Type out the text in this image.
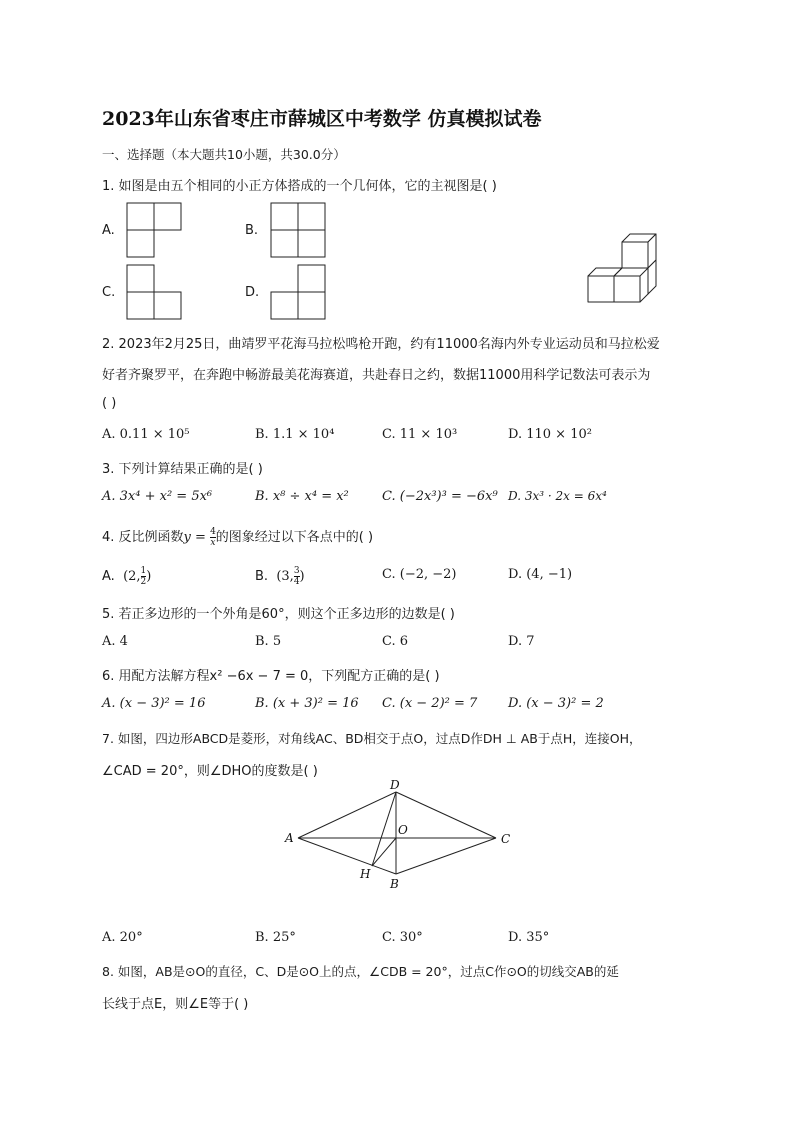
2023年山东省枣庄市薛城区中考数学 仿真模拟试卷
一、选择题（本大题共10小题，共30.0分）
1. 如图是由五个相同的小正方体搭成的一个几何体，它的主视图是( )
A.	B.
C.	D.
2. 2023年2月25日，曲靖罗平花海马拉松鸣枪开跑，约有11000名海内外专业运动员和马拉松爱
好者齐聚罗平，在奔跑中畅游最美花海赛道，共赴春日之约，数据11000用科学记数法可表示为
( )
A. 0.11 × 10⁵	B. 1.1 × 10⁴	C. 11 × 10³	D. 110 × 10²
3. 下列计算结果正确的是( )
A. 3x⁴ + x² = 5x⁶	B. x⁸ ÷ x⁴ = x²	C. (−2x³)³ = −6x⁹ D. 3x³ · 2x = 6x⁴
4. 反比例函数$y = \frac{4}{x}$ 的图象经过以下各点中的( )
A. (2, $\frac{1}{2}$ )	B. (3, $\frac{3}{4}$ )	C. (−2, −2)	D. (4, −1)
5. 若正多边形的一个外角是60°，则这个正多边形的边数是( )
A. 4	B. 5	C. 6	D. 7
6. 用配方法解方程x² −6x − 7 = 0，下列配方正确的是( )
A. (x − 3)² = 16	B. (x + 3)² = 16 C. (x − 2)² = 7 D. (x − 3)² = 2
7. 如图，四边形ABCD是菱形，对角线AC、BD相交于点O，过点D作DH ⊥ AB于点H，连接OH，
∠CAD = 20°，则∠DHO的度数是( )
A
D
O
C
H
B
A. 20°	B. 25°	C. 30°	D. 35°
8. 如图，AB是⊙O的直径，C、D是⊙O上的点，∠CDB = 20°，过点C作⊙O的切线交AB的延
长线于点E，则∠E等于( )
